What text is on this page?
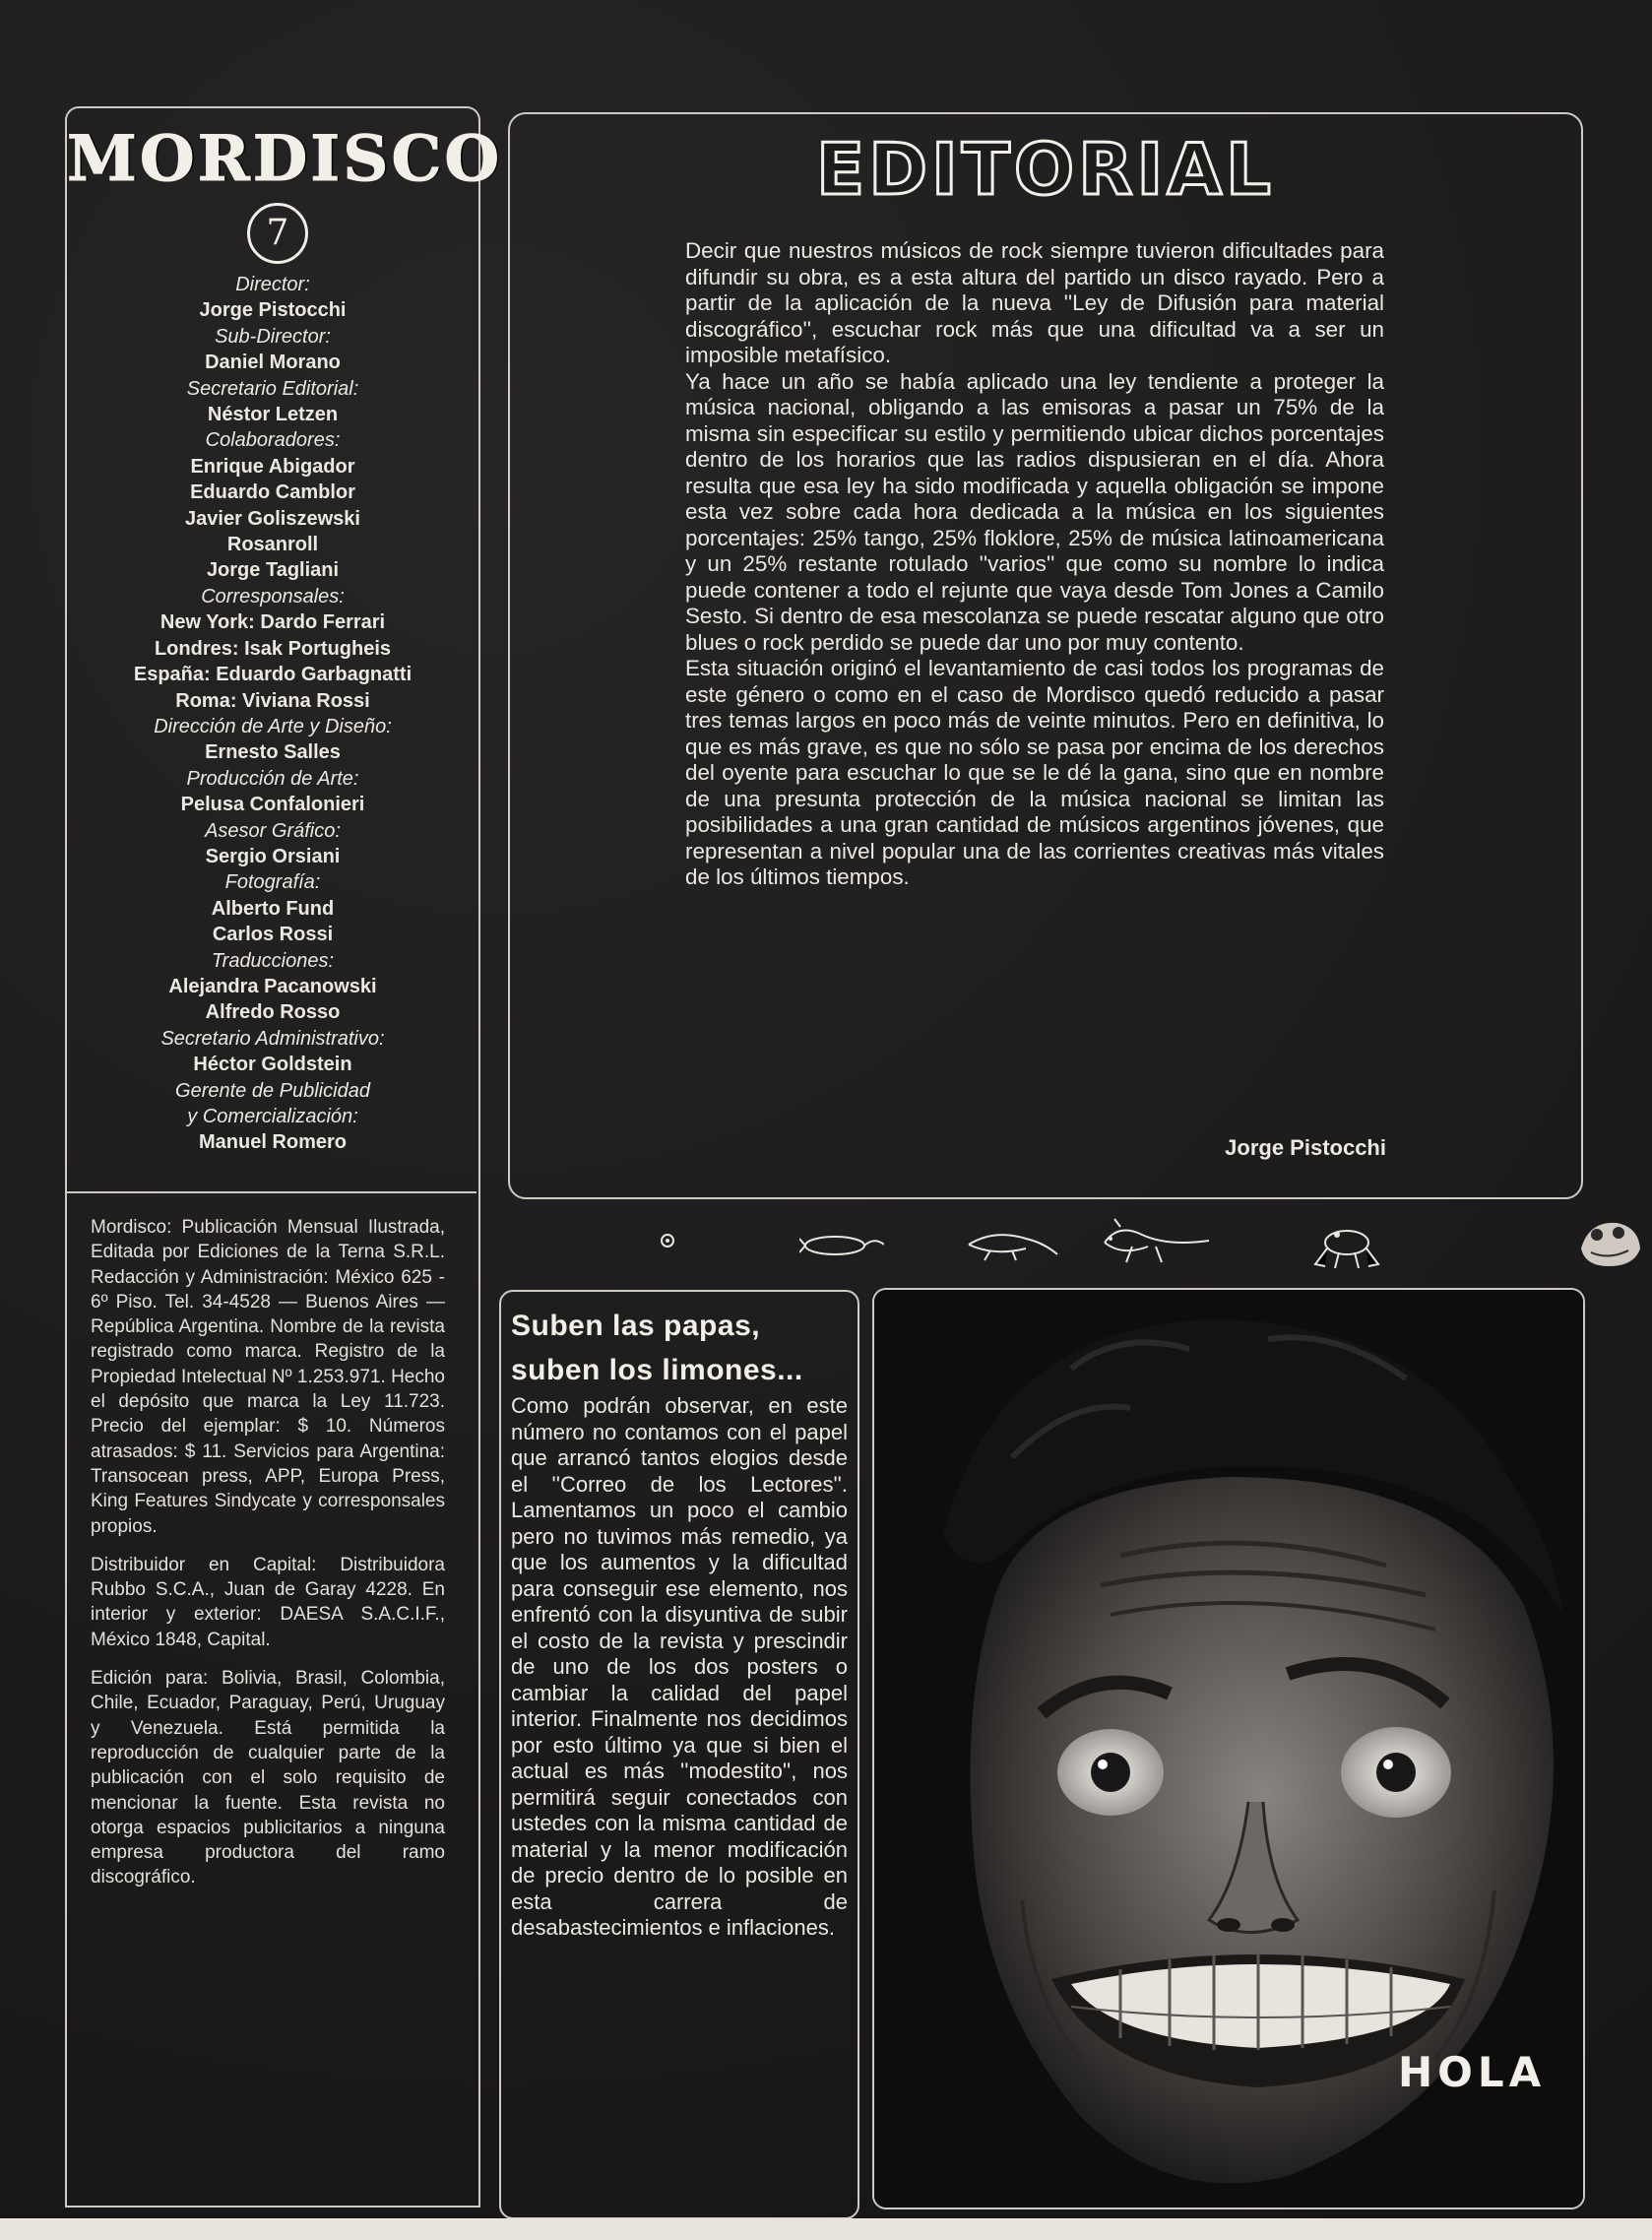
MORDISCO
7
Director:
Jorge Pistocchi
Sub-Director:
Daniel Morano
Secretario Editorial:
Néstor Letzen
Colaboradores:
Enrique Abigador
Eduardo Camblor
Javier Goliszewski
Rosanroll
Jorge Tagliani
Corresponsales:
New York: Dardo Ferrari
Londres: Isak Portugheis
España: Eduardo Garbagnatti
Roma: Viviana Rossi
Dirección de Arte y Diseño:
Ernesto Salles
Producción de Arte:
Pelusa Confalonieri
Asesor Gráfico:
Sergio Orsiani
Fotografía:
Alberto Fund
Carlos Rossi
Traducciones:
Alejandra Pacanowski
Alfredo Rosso
Secretario Administrativo:
Héctor Goldstein
Gerente de Publicidad
y Comercialización:
Manuel Romero

Mordisco: Publicación Mensual Ilustrada, Editada por Ediciones de la Terna S.R.L. Redacción y Administración: México 625 - 6º Piso. Tel. 34-4528 — Buenos Aires — República Argentina. Nombre de la revista registrado como marca. Registro de la Propiedad Intelectual Nº 1.253.971. Hecho el depósito que marca la Ley 11.723. Precio del ejemplar: $ 10. Números atrasados: $ 11. Servicios para Argentina: Transocean press, APP, Europa Press, King Features Sindycate y corresponsales propios.

Distribuidor en Capital: Distribuidora Rubbo S.C.A., Juan de Garay 4228. En interior y exterior: DAESA S.A.C.I.F., México 1848, Capital.

Edición para: Bolivia, Brasil, Colombia, Chile, Ecuador, Paraguay, Perú, Uruguay y Venezuela. Está permitida la reproducción de cualquier parte de la publicación con el solo requisito de mencionar la fuente. Esta revista no otorga espacios publicitarios a ninguna empresa productora del ramo discográfico.

EDITORIAL

Decir que nuestros músicos de rock siempre tuvieron dificultades para difundir su obra, es a esta altura del partido un disco rayado. Pero a partir de la aplicación de la nueva ''Ley de Difusión para material discográfico'', escuchar rock más que una dificultad va a ser un imposible metafísico.

Ya hace un año se había aplicado una ley tendiente a proteger la música nacional, obligando a las emisoras a pasar un 75% de la misma sin especificar su estilo y permitiendo ubicar dichos porcentajes dentro de los horarios que las radios dispusieran en el día. Ahora resulta que esa ley ha sido modificada y aquella obligación se impone esta vez sobre cada hora dedicada a la música en los siguientes porcentajes: 25% tango, 25% floklore, 25% de música latinoamericana y un 25% restante rotulado ''varios'' que como su nombre lo indica puede contener a todo el rejunte que vaya desde Tom Jones a Camilo Sesto. Si dentro de esa mescolanza se puede rescatar alguno que otro blues o rock perdido se puede dar uno por muy contento.

Esta situación originó el levantamiento de casi todos los programas de este género o como en el caso de Mordisco quedó reducido a pasar tres temas largos en poco más de veinte minutos. Pero en definitiva, lo que es más grave, es que no sólo se pasa por encima de los derechos del oyente para escuchar lo que se le dé la gana, sino que en nombre de una presunta protección de la música nacional se limitan las posibilidades a una gran cantidad de músicos argentinos jóvenes, que representan a nivel popular una de las corrientes creativas más vitales de los últimos tiempos.

Jorge Pistocchi
Suben las papas,
suben los limones...
Como podrán observar, en este número no contamos con el papel que arrancó tantos elogios desde el ''Correo de los Lectores''. Lamentamos un poco el cambio pero no tuvimos más remedio, ya que los aumentos y la dificultad para conseguir ese elemento, nos enfrentó con la disyuntiva de subir el costo de la revista y prescindir de uno de los dos posters o cambiar la calidad del papel interior. Finalmente nos decidimos por esto último ya que si bien el actual es más ''modestito'', nos permitirá seguir conectados con ustedes con la misma cantidad de material y la menor modificación de precio dentro de lo posible en esta carrera de desabastecimientos e inflaciones.
HOLA
